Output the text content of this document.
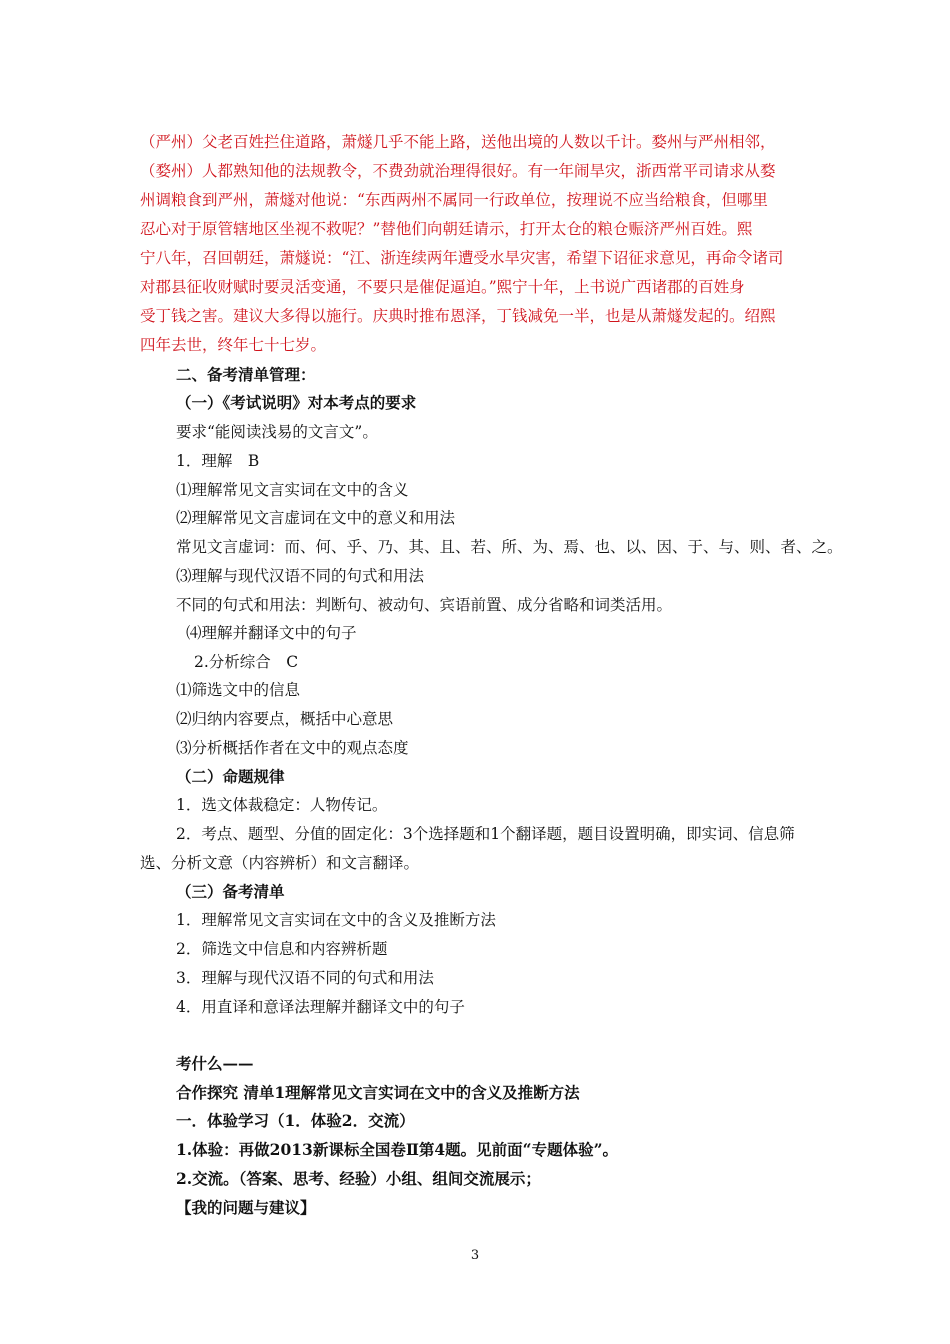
（严州）父老百姓拦住道路，萧燧几乎不能上路，送他出境的人数以千计。婺州与严州相邻，

（婺州）人都熟知他的法规教令，不费劲就治理得很好。有一年闹旱灾，浙西常平司请求从婺

州调粮食到严州，萧燧对他说：“东西两州不属同一行政单位，按理说不应当给粮食，但哪里

忍心对于原管辖地区坐视不救呢？”替他们向朝廷请示，打开太仓的粮仓赈济严州百姓。熙

宁八年，召回朝廷，萧燧说：“江、浙连续两年遭受水旱灾害，希望下诏征求意见，再命令诸司

对郡县征收财赋时要灵活变通，不要只是催促逼迫。”熙宁十年，上书说广西诸郡的百姓身

受丁钱之害。建议大多得以施行。庆典时推布恩泽，丁钱减免一半，也是从萧燧发起的。绍熙

四年去世，终年七十七岁。

二、备考清单管理：
（一）《考试说明》对本考点的要求
要求“能阅读浅易的文言文”。
1．理解　B
⑴理解常见文言实词在文中的含义
⑵理解常见文言虚词在文中的意义和用法
常见文言虚词：而、何、乎、乃、其、且、若、所、为、焉、也、以、因、于、与、则、者、之。
⑶理解与现代汉语不同的句式和用法
不同的句式和用法：判断句、被动句、宾语前置、成分省略和词类活用。
⑷理解并翻译文中的句子
2.分析综合　C
⑴筛选文中的信息
⑵归纳内容要点，概括中心意思
⑶分析概括作者在文中的观点态度
（二）命题规律
1．选文体裁稳定：人物传记。
2．考点、题型、分值的固定化：3个选择题和1个翻译题，题目设置明确，即实词、信息筛
选、分析文意（内容辨析）和文言翻译。
（三）备考清单
1．理解常见文言实词在文中的含义及推断方法
2．筛选文中信息和内容辨析题
3．理解与现代汉语不同的句式和用法
4．用直译和意译法理解并翻译文中的句子
考什么——
合作探究 清单1理解常见文言实词在文中的含义及推断方法
一．体验学习（1．体验2．交流）
1.体验：再做2013新课标全国卷Ⅱ第4题。见前面“专题体验”。
2.交流。（答案、思考、经验）小组、组间交流展示；
【我的问题与建议】
3
